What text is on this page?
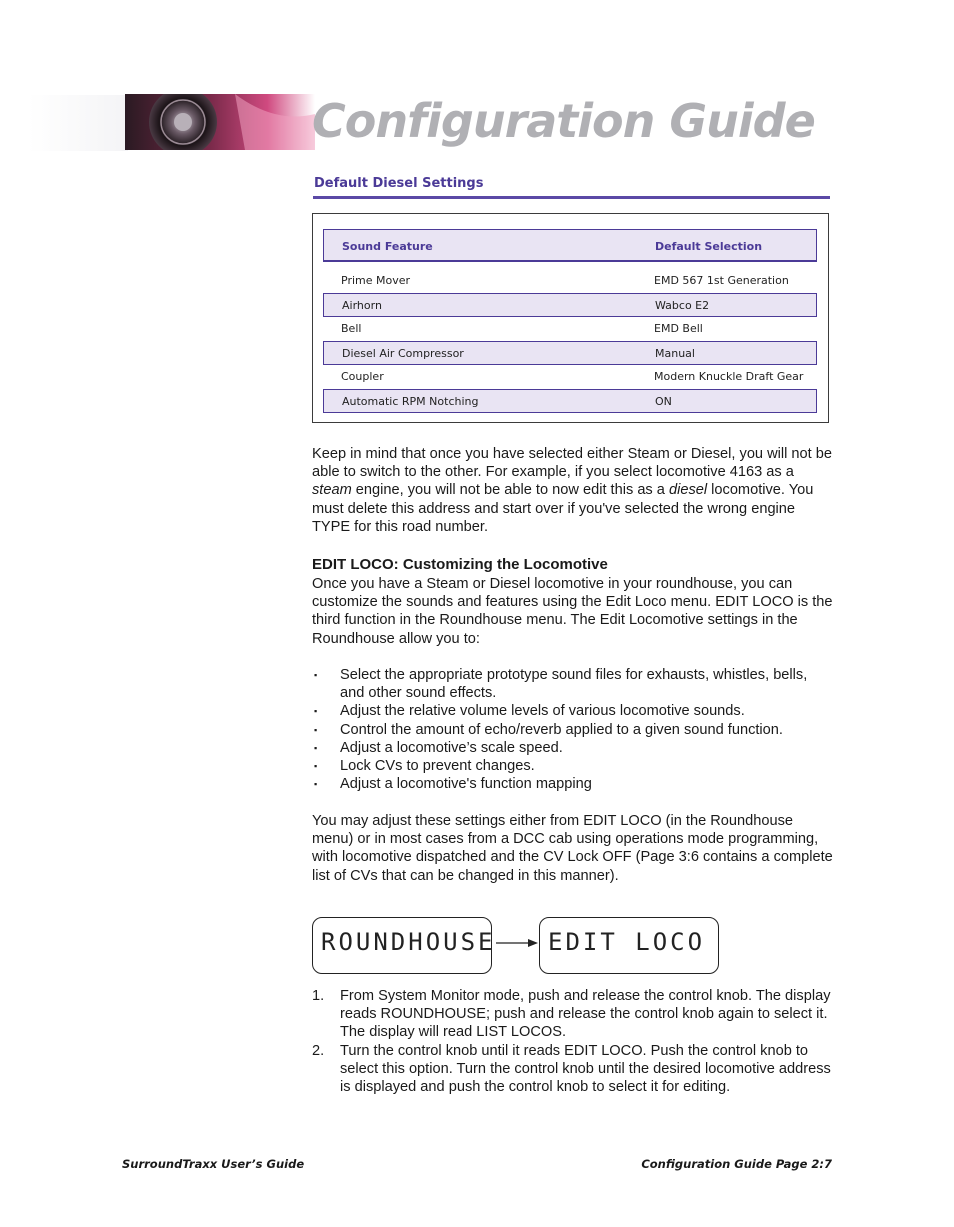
Configuration Guide
Default Diesel Settings
Sound Feature	Default Selection
Prime Mover	EMD 567 1st Generation
Airhorn	Wabco E2
Bell	EMD Bell
Diesel Air Compressor	Manual
Coupler	Modern Knuckle Draft Gear
Automatic RPM Notching	ON
Keep in mind that once you have selected either Steam or Diesel, you will not be able to switch to the other. For example, if you select locomotive 4163 as a steam engine, you will not be able to now edit this as a diesel locomotive. You must delete this address and start over if you've selected the wrong engine TYPE for this road number.
EDIT LOCO: Customizing the Locomotive
Once you have a Steam or Diesel locomotive in your roundhouse, you can customize the sounds and features using the Edit Loco menu. EDIT LOCO is the third function in the Roundhouse menu. The Edit Locomotive settings in the Roundhouse allow you to:
▪ Select the appropriate prototype sound files for exhausts, whistles, bells, and other sound effects.
▪ Adjust the relative volume levels of various locomotive sounds.
▪ Control the amount of echo/reverb applied to a given sound function.
▪ Adjust a locomotive’s scale speed.
▪ Lock CVs to prevent changes.
▪ Adjust a locomotive's function mapping
You may adjust these settings either from EDIT LOCO (in the Roundhouse menu) or in most cases from a DCC cab using operations mode programming, with locomotive dispatched and the CV Lock OFF (Page 3:6 contains a complete list of CVs that can be changed in this manner).
ROUNDHOUSE EDIT LOCO
1. From System Monitor mode, push and release the control knob. The display reads ROUNDHOUSE; push and release the control knob again to select it. The display will read LIST LOCOS.
2. Turn the control knob until it reads EDIT LOCO. Push the control knob to select this option. Turn the control knob until the desired locomotive address is displayed and push the control knob to select it for editing.
SurroundTraxx User’s Guide	Configuration Guide Page 2:7
